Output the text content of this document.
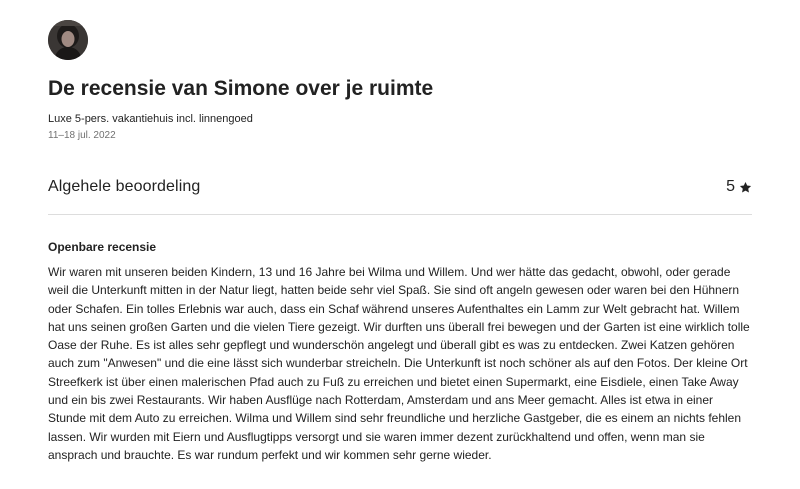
De recensie van Simone over je ruimte
Luxe 5-pers. vakantiehuis incl. linnengoed
11–18 jul. 2022
Algehele beoordeling	5
Openbare recensie

Wir waren mit unseren beiden Kindern, 13 und 16 Jahre bei Wilma und Willem. Und wer hätte das gedacht, obwohl, oder gerade weil die Unterkunft mitten in der Natur liegt, hatten beide sehr viel Spaß. Sie sind oft angeln gewesen oder waren bei den Hühnern oder Schafen. Ein tolles Erlebnis war auch, dass ein Schaf während unseres Aufenthaltes ein Lamm zur Welt gebracht hat. Willem hat uns seinen großen Garten und die vielen Tiere gezeigt. Wir durften uns überall frei bewegen und der Garten ist eine wirklich tolle Oase der Ruhe. Es ist alles sehr gepflegt und wunderschön angelegt und überall gibt es was zu entdecken. Zwei Katzen gehören auch zum "Anwesen" und die eine lässt sich wunderbar streicheln. Die Unterkunft ist noch schöner als auf den Fotos. Der kleine Ort Streefkerk ist über einen malerischen Pfad auch zu Fuß zu erreichen und bietet einen Supermarkt, eine Eisdiele, einen Take Away und ein bis zwei Restaurants. Wir haben Ausflüge nach Rotterdam, Amsterdam und ans Meer gemacht. Alles ist etwa in einer Stunde mit dem Auto zu erreichen. Wilma und Willem sind sehr freundliche und herzliche Gastgeber, die es einem an nichts fehlen lassen. Wir wurden mit Eiern und Ausflugtipps versorgt und sie waren immer dezent zurückhaltend und offen, wenn man sie ansprach und brauchte. Es war rundum perfekt und wir kommen sehr gerne wieder.
